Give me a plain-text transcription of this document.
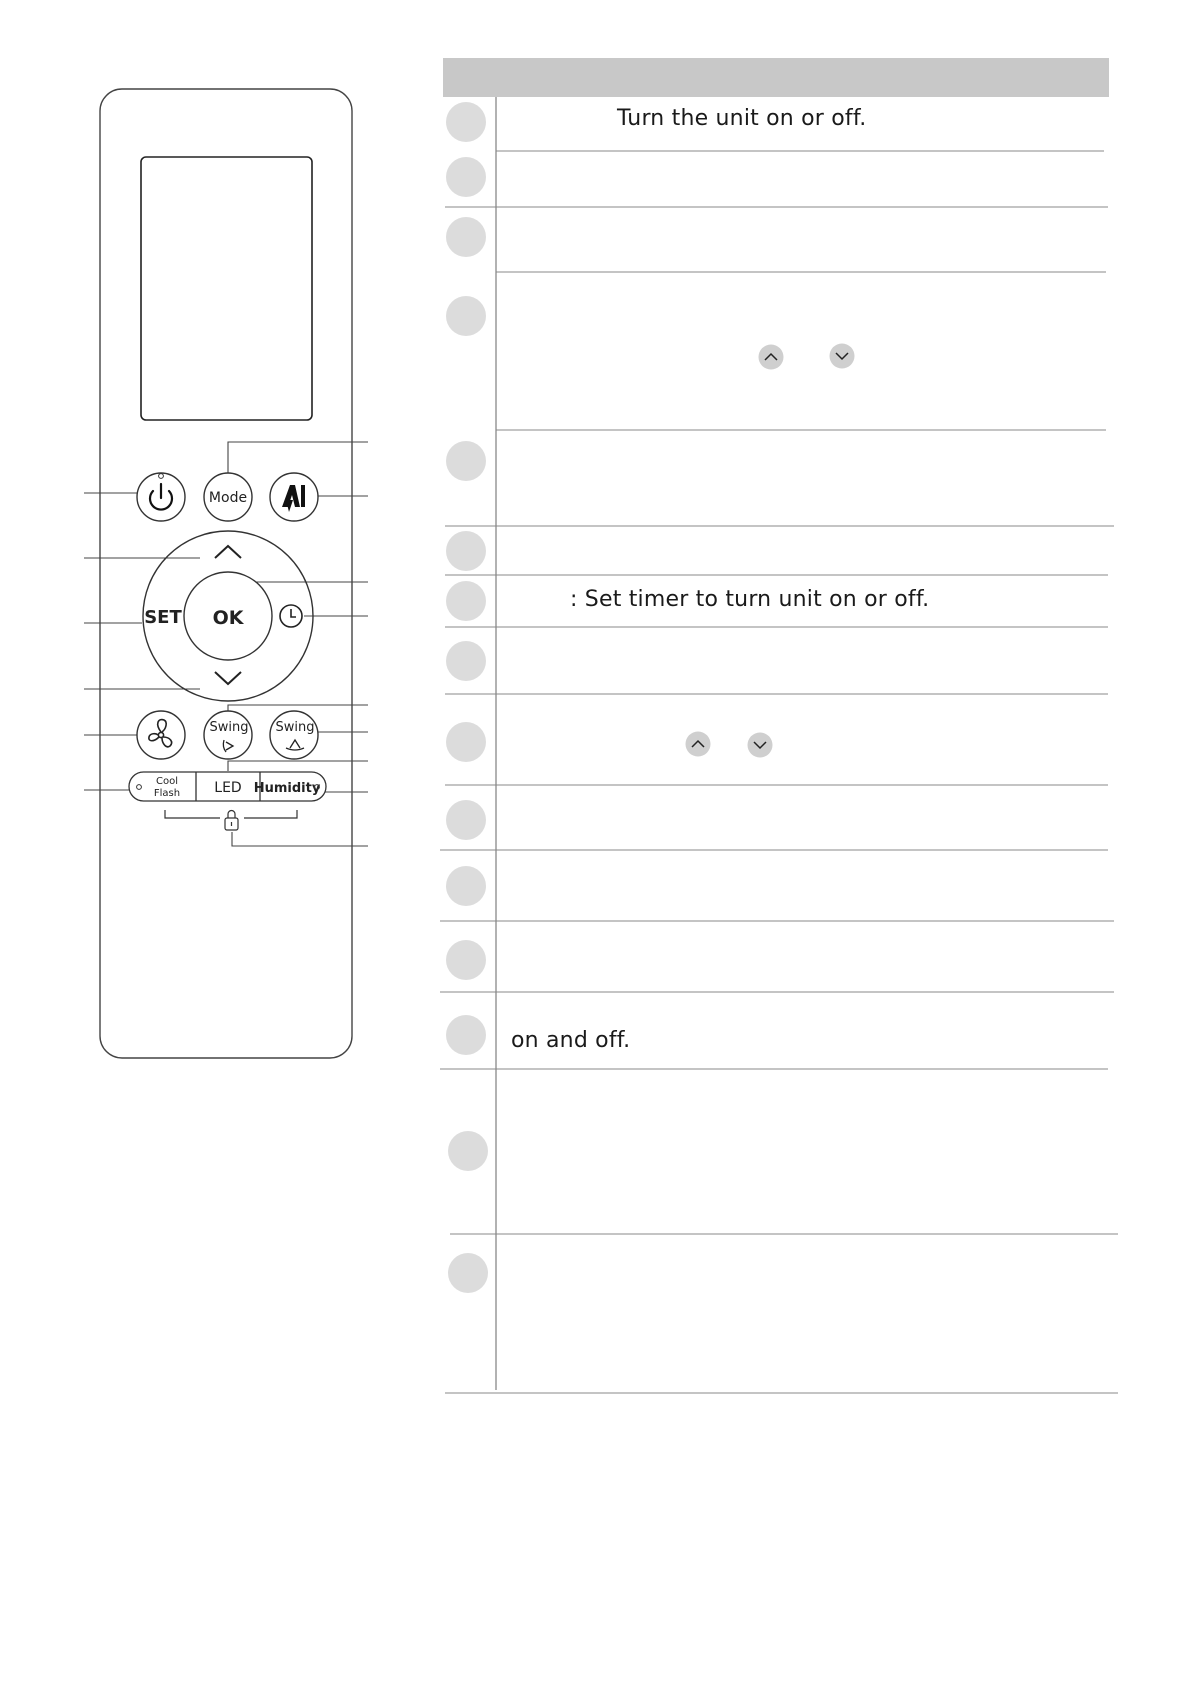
Mode
OK
SET
Swing Swing
Cool
Flash LED Humidity
Turn the unit on or off.
: Set timer to turn unit on or off.
on and off.
